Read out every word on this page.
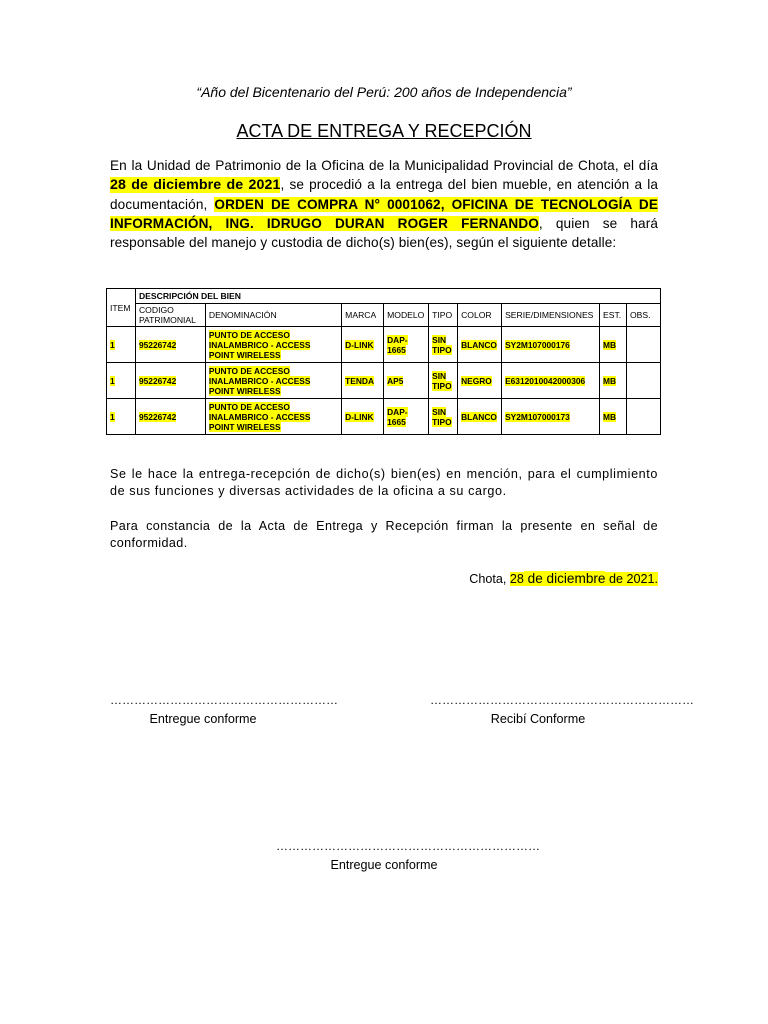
“Año del Bicentenario del Perú: 200 años de Independencia”
ACTA DE ENTREGA Y RECEPCIÓN
En la Unidad de Patrimonio de la Oficina de la Municipalidad Provincial de Chota, el día 28 de diciembre de 2021, se procedió a la entrega del bien mueble, en atención a la documentación, ORDEN DE COMPRA N° 0001062, OFICINA DE TECNOLOGÍA DE INFORMACIÓN, ING. IDRUGO DURAN ROGER FERNANDO, quien se hará responsable del manejo y custodia de dicho(s) bien(es), según el siguiente detalle:
ITEM	DESCRIPCIÓN DEL BIEN								
	CODIGO PATRIMONIAL	DENOMINACIÓN	MARCA	MODELO	TIPO	COLOR	SERIE/DIMENSIONES	EST.	OBS.
1	95226742	PUNTO DE ACCESO INALAMBRICO - ACCESS POINT WIRELESS	D-LINK	DAP-1665	SIN TIPO	BLANCO	SY2M107000176	MB	
1	95226742	PUNTO DE ACCESO INALAMBRICO - ACCESS POINT WIRELESS	TENDA	AP5	SIN TIPO	NEGRO	E6312010042000306	MB	
1	95226742	PUNTO DE ACCESO INALAMBRICO - ACCESS POINT WIRELESS	D-LINK	DAP-1665	SIN TIPO	BLANCO	SY2M107000173	MB	
Se le hace la entrega-recepción de dicho(s) bien(es) en mención, para el cumplimiento de sus funciones y diversas actividades de la oficina a su cargo.
Para constancia de la Acta de Entrega y Recepción firman la presente en señal de conformidad.
Chota, 28 de diciembre de 2021.
…………………………………………………
Entregue conforme
…………………………………………………………
Recibí Conforme
…………………………………………………………
Entregue conforme
